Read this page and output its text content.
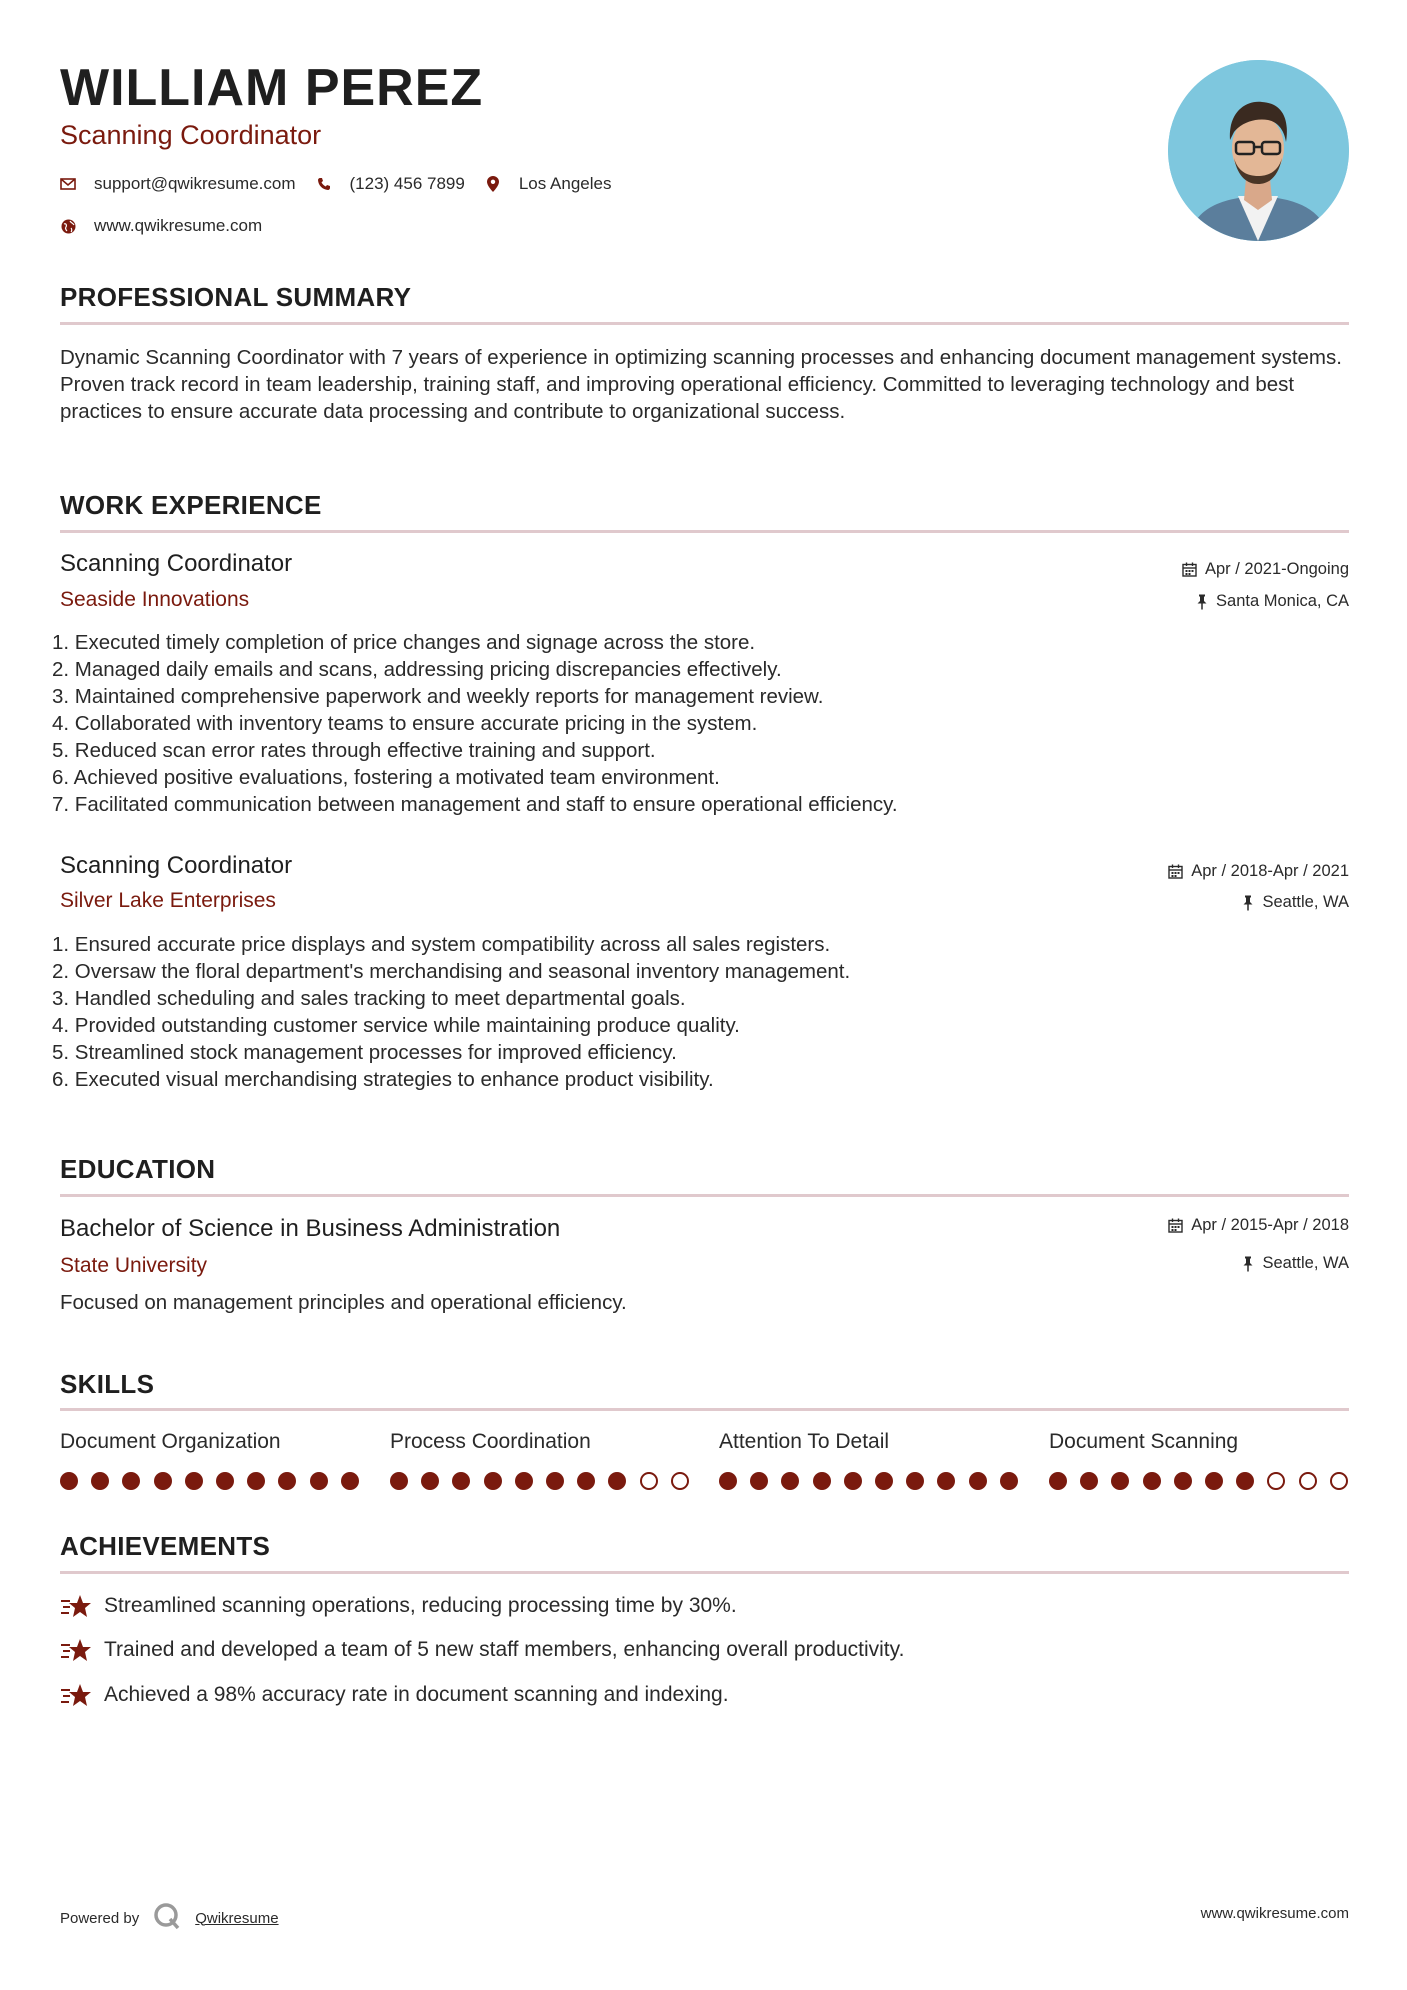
WILLIAM PEREZ
Scanning Coordinator
support@qwikresume.com	(123) 456 7899	Los Angeles
www.qwikresume.com
PROFESSIONAL SUMMARY
Dynamic Scanning Coordinator with 7 years of experience in optimizing scanning processes and enhancing document management systems. Proven track record in team leadership, training staff, and improving operational efficiency. Committed to leveraging technology and best practices to ensure accurate data processing and contribute to organizational success.
WORK EXPERIENCE
Scanning Coordinator
Seaside Innovations
Apr / 2021-Ongoing
Santa Monica, CA
1. Executed timely completion of price changes and signage across the store.
2. Managed daily emails and scans, addressing pricing discrepancies effectively.
3. Maintained comprehensive paperwork and weekly reports for management review.
4. Collaborated with inventory teams to ensure accurate pricing in the system.
5. Reduced scan error rates through effective training and support.
6. Achieved positive evaluations, fostering a motivated team environment.
7. Facilitated communication between management and staff to ensure operational efficiency.
Scanning Coordinator
Silver Lake Enterprises
Apr / 2018-Apr / 2021
Seattle, WA
1. Ensured accurate price displays and system compatibility across all sales registers.
2. Oversaw the floral department's merchandising and seasonal inventory management.
3. Handled scheduling and sales tracking to meet departmental goals.
4. Provided outstanding customer service while maintaining produce quality.
5. Streamlined stock management processes for improved efficiency.
6. Executed visual merchandising strategies to enhance product visibility.
EDUCATION
Bachelor of Science in Business Administration
State University
Apr / 2015-Apr / 2018
Seattle, WA
Focused on management principles and operational efficiency.
SKILLS
Document Organization	Process Coordination	Attention To Detail	Document Scanning
ACHIEVEMENTS
Streamlined scanning operations, reducing processing time by 30%.
Trained and developed a team of 5 new staff members, enhancing overall productivity.
Achieved a 98% accuracy rate in document scanning and indexing.
Powered by	Qwikresume	www.qwikresume.com
